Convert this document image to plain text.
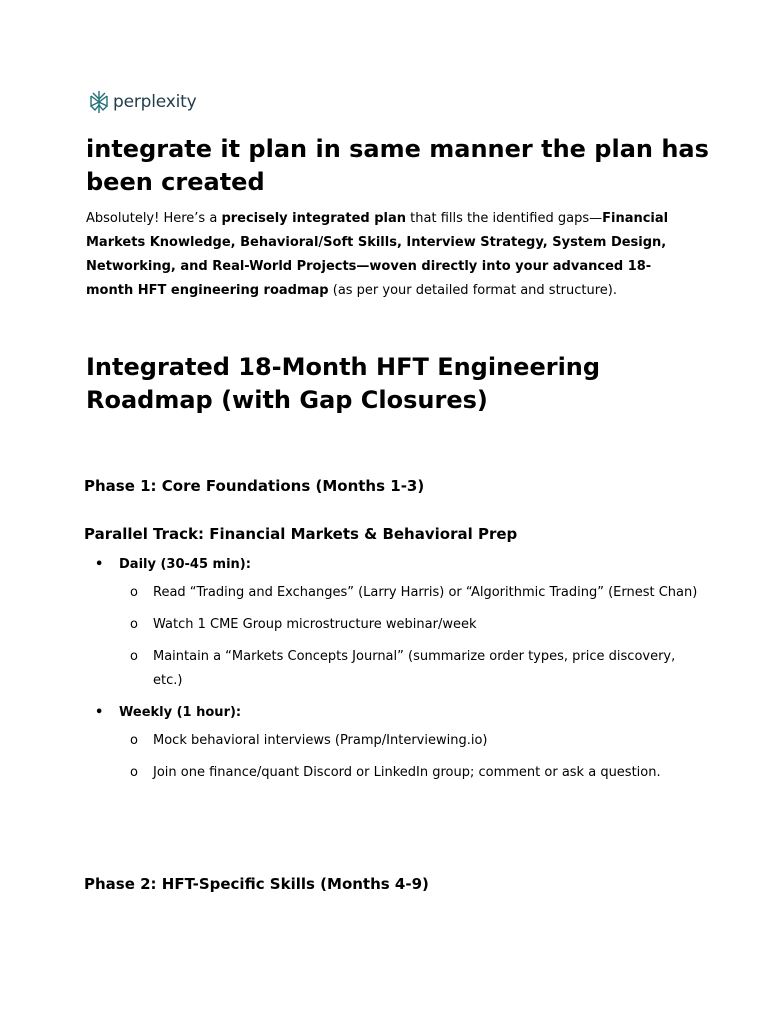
perplexity
integrate it plan in same manner the plan has been created

Absolutely! Here’s a precisely integrated plan that fills the identified gaps—Financial Markets Knowledge, Behavioral/Soft Skills, Interview Strategy, System Design, Networking, and Real-World Projects—woven directly into your advanced 18-month HFT engineering roadmap (as per your detailed format and structure).

Integrated 18-Month HFT Engineering Roadmap (with Gap Closures)
Phase 1: Core Foundations (Months 1-3)
Parallel Track: Financial Markets & Behavioral Prep
• Daily (30-45 min):
o Read “Trading and Exchanges” (Larry Harris) or “Algorithmic Trading” (Ernest Chan)
o Watch 1 CME Group microstructure webinar/week
o Maintain a “Markets Concepts Journal” (summarize order types, price discovery, etc.)
• Weekly (1 hour):
o Mock behavioral interviews (Pramp/Interviewing.io)
o Join one finance/quant Discord or LinkedIn group; comment or ask a question.
Phase 2: HFT-Specific Skills (Months 4-9)
